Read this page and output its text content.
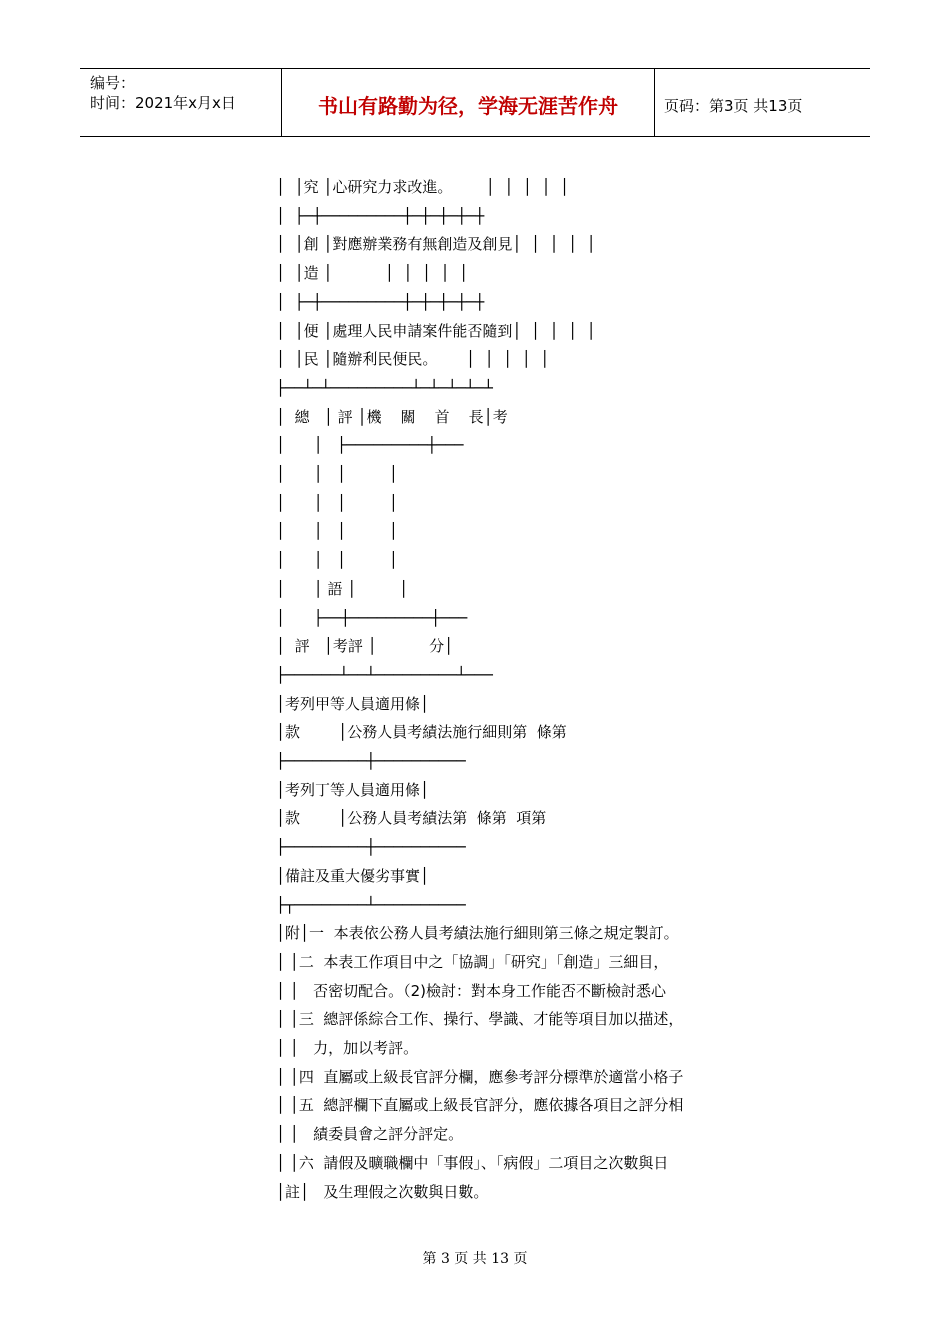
编号：
时间：2021年x月x日	书山有路勤为径，学海无涯苦作舟	页码：第3页 共13页
│  │究 │心研究力求改進。       │  │  │  │  │
│  ├─┼─────────┼─┼─┼─┼─┼
│  │創 │對應辦業務有無創造及創見│  │  │  │  │
│  │造 │           │  │  │  │  │
│  ├─┼─────────┼─┼─┼─┼─┼
│  │便 │處理人民申請案件能否隨到│  │  │  │  │
│  │民 │隨辦利民便民。      │  │  │  │  │
├──┴─┴─────────┴─┴─┴─┴─┴
│  總   │ 評 │機    關    首    長│考
│      │   ├─────────┼───
│      │   │         │
│      │   │         │
│      │   │         │
│      │   │         │
│      │ 語 │         │
│      ├──┼─────────┼───
│  評   │考評 │           分│
├──────┴──┴─────────┴───
│考列甲等人員適用條│
│款        │公務人員考績法施行細則第  條第
├─────────┼──────────
│考列丁等人員適用條│
│款        │公務人員考績法第  條第  項第
├─────────┼──────────
│備註及重大優劣事實│
├┬────────┴──────────
│附│一  本表依公務人員考績法施行細則第三條之規定製訂。
│ │二  本表工作項目中之「協調」「研究」「創造」三細目，
│ │   否密切配合。（2)檢討：對本身工作能否不斷檢討悉心
│ │三  總評係綜合工作、操行、學識、才能等項目加以描述，
│ │   力，加以考評。
│ │四  直屬或上級長官評分欄，應參考評分標準於適當小格子
│ │五  總評欄下直屬或上級長官評分，應依據各項目之評分相
│ │   績委員會之評分評定。
│ │六  請假及曠職欄中「事假」、「病假」二項目之次數與日
│註│   及生理假之次數與日數。
第 3 页 共 13 页
